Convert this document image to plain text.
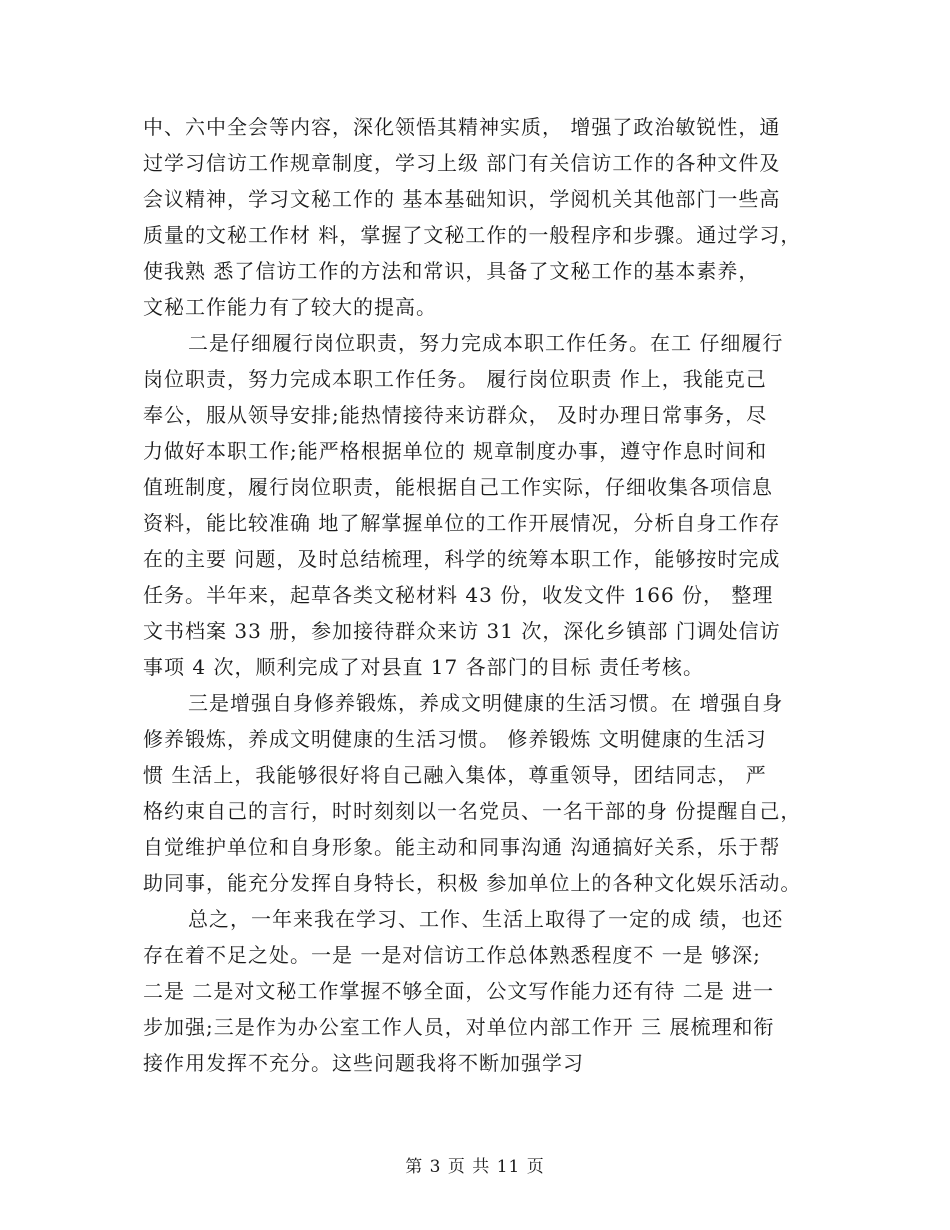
中、六中全会等内容，深化领悟其精神实质， 增强了政治敏锐性，通
过学习信访工作规章制度，学习上级 部门有关信访工作的各种文件及
会议精神，学习文秘工作的 基本基础知识，学阅机关其他部门一些高
质量的文秘工作材 料，掌握了文秘工作的一般程序和步骤。通过学习，
使我熟 悉了信访工作的方法和常识，具备了文秘工作的基本素养，
文秘工作能力有了较大的提高。
二是仔细履行岗位职责，努力完成本职工作任务。在工 仔细履行
岗位职责，努力完成本职工作任务。 履行岗位职责 作上，我能克己
奉公，服从领导安排;能热情接待来访群众， 及时办理日常事务，尽
力做好本职工作;能严格根据单位的 规章制度办事，遵守作息时间和
值班制度，履行岗位职责，能根据自己工作实际，仔细收集各项信息
资料，能比较准确 地了解掌握单位的工作开展情况，分析自身工作存
在的主要 问题，及时总结梳理，科学的统筹本职工作，能够按时完成
任务。半年来，起草各类文秘材料 43 份，收发文件 166 份， 整理
文书档案 33 册，参加接待群众来访 31 次，深化乡镇部 门调处信访
事项 4 次，顺利完成了对县直 17 各部门的目标 责任考核。
三是增强自身修养锻炼，养成文明健康的生活习惯。在 增强自身
修养锻炼，养成文明健康的生活习惯。 修养锻炼 文明健康的生活习
惯 生活上，我能够很好将自己融入集体，尊重领导，团结同志， 严
格约束自己的言行，时时刻刻以一名党员、一名干部的身 份提醒自己，
自觉维护单位和自身形象。能主动和同事沟通 沟通搞好关系，乐于帮
助同事，能充分发挥自身特长，积极 参加单位上的各种文化娱乐活动。
总之，一年来我在学习、工作、生活上取得了一定的成 绩，也还
存在着不足之处。一是 一是对信访工作总体熟悉程度不 一是 够深;
二是 二是对文秘工作掌握不够全面，公文写作能力还有待 二是 进一
步加强;三是作为办公室工作人员，对单位内部工作开 三 展梳理和衔
接作用发挥不充分。这些问题我将不断加强学习
第 3 页 共 11 页
